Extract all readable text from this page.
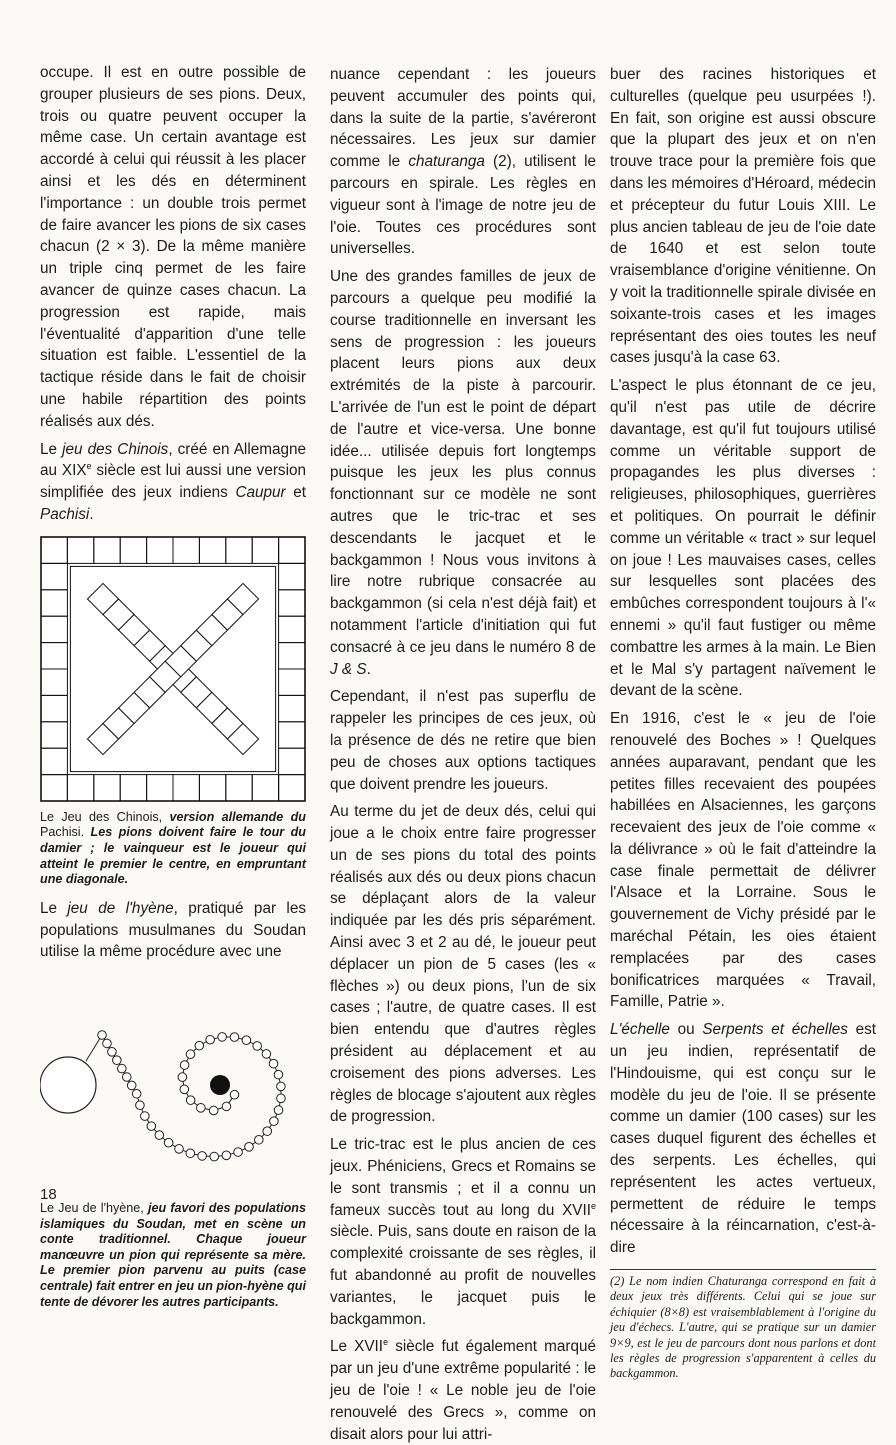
occupe. Il est en outre possible de grouper plusieurs de ses pions. Deux, trois ou quatre peuvent occuper la même case. Un certain avantage est accordé à celui qui réussit à les placer ainsi et les dés en déterminent l'importance : un double trois permet de faire avancer les pions de six cases chacun (2 × 3). De la même manière un triple cinq permet de les faire avancer de quinze cases chacun. La progression est rapide, mais l'éventualité d'apparition d'une telle situation est faible. L'essentiel de la tactique réside dans le fait de choisir une habile répartition des points réalisés aux dés.

Le jeu des Chinois, créé en Allemagne au XIXe siècle est lui aussi une version simplifiée des jeux indiens Caupur et Pachisi.

Le Jeu des Chinois, version allemande du Pachisi. Les pions doivent faire le tour du damier ; le vainqueur est le joueur qui atteint le premier le centre, en empruntant une diagonale.

Le jeu de l'hyène, pratiqué par les populations musulmanes du Soudan utilise la même procédure avec une

Le Jeu de l'hyène, jeu favori des populations islamiques du Soudan, met en scène un conte traditionnel. Chaque joueur manœuvre un pion qui représente sa mère. Le premier pion parvenu au puits (case centrale) fait entrer en jeu un pion-hyène qui tente de dévorer les autres participants.

nuance cependant : les joueurs peuvent accumuler des points qui, dans la suite de la partie, s'avéreront nécessaires. Les jeux sur damier comme le chaturanga (2), utilisent le parcours en spirale. Les règles en vigueur sont à l'image de notre jeu de l'oie. Toutes ces procédures sont universelles.

Une des grandes familles de jeux de parcours a quelque peu modifié la course traditionnelle en inversant les sens de progression : les joueurs placent leurs pions aux deux extrémités de la piste à parcourir. L'arrivée de l'un est le point de départ de l'autre et vice-versa. Une bonne idée... utilisée depuis fort longtemps puisque les jeux les plus connus fonctionnant sur ce modèle ne sont autres que le tric-trac et ses descendants le jacquet et le backgammon ! Nous vous invitons à lire notre rubrique consacrée au backgammon (si cela n'est déjà fait) et notamment l'article d'initiation qui fut consacré à ce jeu dans le numéro 8 de J & S.

Cependant, il n'est pas superflu de rappeler les principes de ces jeux, où la présence de dés ne retire que bien peu de choses aux options tactiques que doivent prendre les joueurs.

Au terme du jet de deux dés, celui qui joue a le choix entre faire progresser un de ses pions du total des points réalisés aux dés ou deux pions chacun se déplaçant alors de la valeur indiquée par les dés pris séparément. Ainsi avec 3 et 2 au dé, le joueur peut déplacer un pion de 5 cases (les « flèches ») ou deux pions, l'un de six cases ; l'autre, de quatre cases. Il est bien entendu que d'autres règles président au déplacement et au croisement des pions adverses. Les règles de blocage s'ajoutent aux règles de progression.

Le tric-trac est le plus ancien de ces jeux. Phéniciens, Grecs et Romains se le sont transmis ; et il a connu un fameux succès tout au long du XVIIe siècle. Puis, sans doute en raison de la complexité croissante de ses règles, il fut abandonné au profit de nouvelles variantes, le jacquet puis le backgammon.

Le XVIIe siècle fut également marqué par un jeu d'une extrême popularité : le jeu de l'oie ! « Le noble jeu de l'oie renouvelé des Grecs », comme on disait alors pour lui attri-

buer des racines historiques et culturelles (quelque peu usurpées !). En fait, son origine est aussi obscure que la plupart des jeux et on n'en trouve trace pour la première fois que dans les mémoires d'Héroard, médecin et précepteur du futur Louis XIII. Le plus ancien tableau de jeu de l'oie date de 1640 et est selon toute vraisemblance d'origine vénitienne. On y voit la traditionnelle spirale divisée en soixante-trois cases et les images représentant des oies toutes les neuf cases jusqu'à la case 63.

L'aspect le plus étonnant de ce jeu, qu'il n'est pas utile de décrire davantage, est qu'il fut toujours utilisé comme un véritable support de propagandes les plus diverses : religieuses, philosophiques, guerrières et politiques. On pourrait le définir comme un véritable « tract » sur lequel on joue ! Les mauvaises cases, celles sur lesquelles sont placées des embûches correspondent toujours à l'« ennemi » qu'il faut fustiger ou même combattre les armes à la main. Le Bien et le Mal s'y partagent naïvement le devant de la scène.

En 1916, c'est le « jeu de l'oie renouvelé des Boches » ! Quelques années auparavant, pendant que les petites filles recevaient des poupées habillées en Alsaciennes, les garçons recevaient des jeux de l'oie comme « la délivrance » où le fait d'atteindre la case finale permettait de délivrer l'Alsace et la Lorraine. Sous le gouvernement de Vichy présidé par le maréchal Pétain, les oies étaient remplacées par des cases bonificatrices marquées « Travail, Famille, Patrie ».

L'échelle ou Serpents et échelles est un jeu indien, représentatif de l'Hindouisme, qui est conçu sur le modèle du jeu de l'oie. Il se présente comme un damier (100 cases) sur les cases duquel figurent des échelles et des serpents. Les échelles, qui représentent les actes vertueux, permettent de réduire le temps nécessaire à la réincarnation, c'est-à-dire

(2) Le nom indien Chaturanga correspond en fait à deux jeux très différents. Celui qui se joue sur échiquier (8×8) est vraisemblablement à l'origine du jeu d'échecs. L'autre, qui se pratique sur un damier 9×9, est le jeu de parcours dont nous parlons et dont les règles de progression s'apparentent à celles du backgammon.
18
